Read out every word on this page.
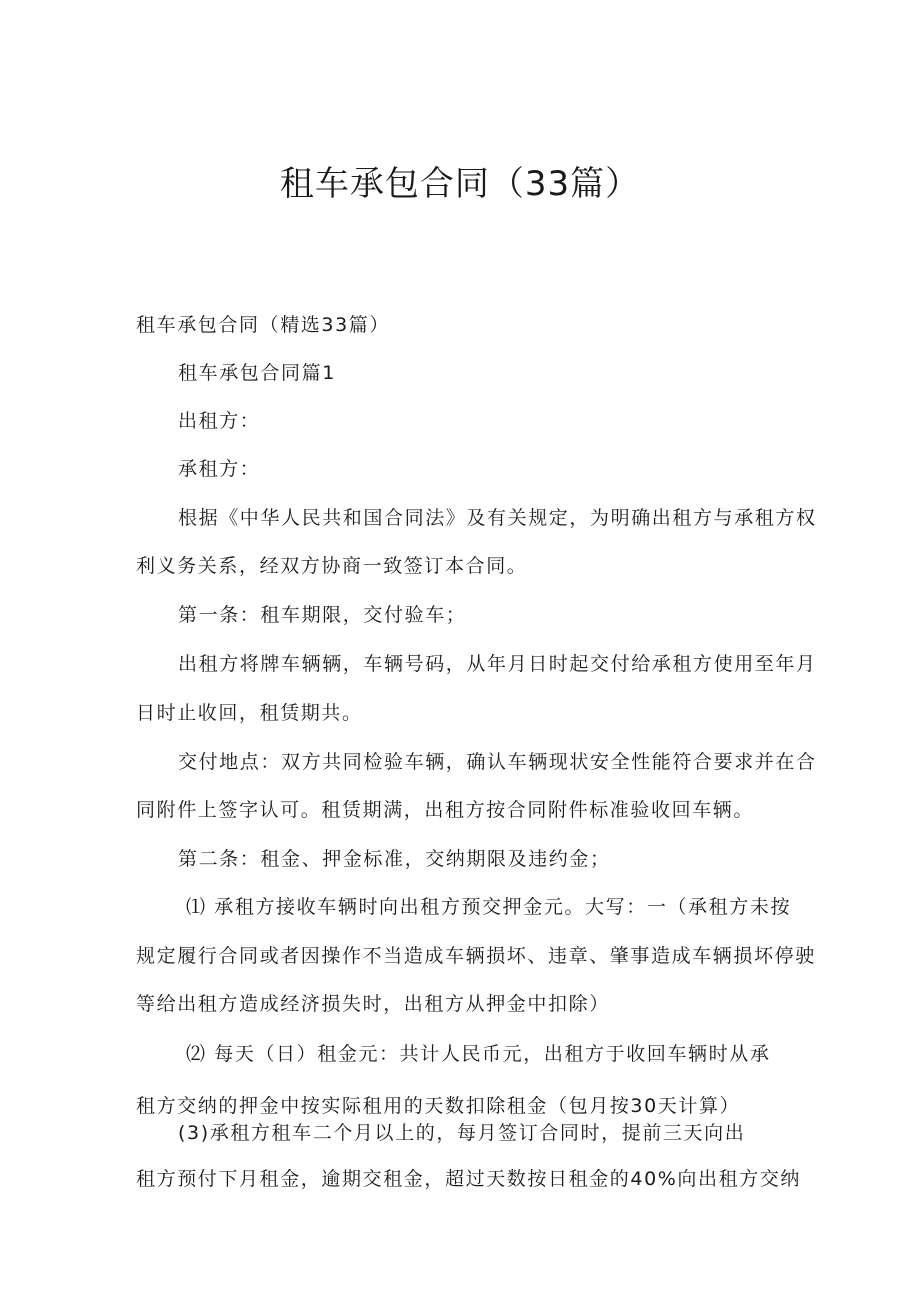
租车承包合同（33篇）

租车承包合同（精选33篇）

租车承包合同篇1

出租方：

承租方：

根据《中华人民共和国合同法》及有关规定，为明确出租方与承租方权

利义务关系，经双方协商一致签订本合同。

第一条：租车期限，交付验车；

出租方将牌车辆辆，车辆号码，从年月日时起交付给承租方使用至年月

日时止收回，租赁期共。

交付地点：双方共同检验车辆，确认车辆现状安全性能符合要求并在合

同附件上签字认可。租赁期满，出租方按合同附件标准验收回车辆。

第二条：租金、押金标准，交纳期限及违约金；

⑴ 承租方接收车辆时向出租方预交押金元。大写：一（承租方未按

规定履行合同或者因操作不当造成车辆损坏、违章、肇事造成车辆损坏停驶

等给出租方造成经济损失时，出租方从押金中扣除）

⑵ 每天（日）租金元：共计人民币元，出租方于收回车辆时从承

租方交纳的押金中按实际租用的天数扣除租金（包月按30天计算）

(3)承租方租车二个月以上的，每月签订合同时，提前三天向出

租方预付下月租金，逾期交租金，超过天数按日租金的40%向出租方交纳
